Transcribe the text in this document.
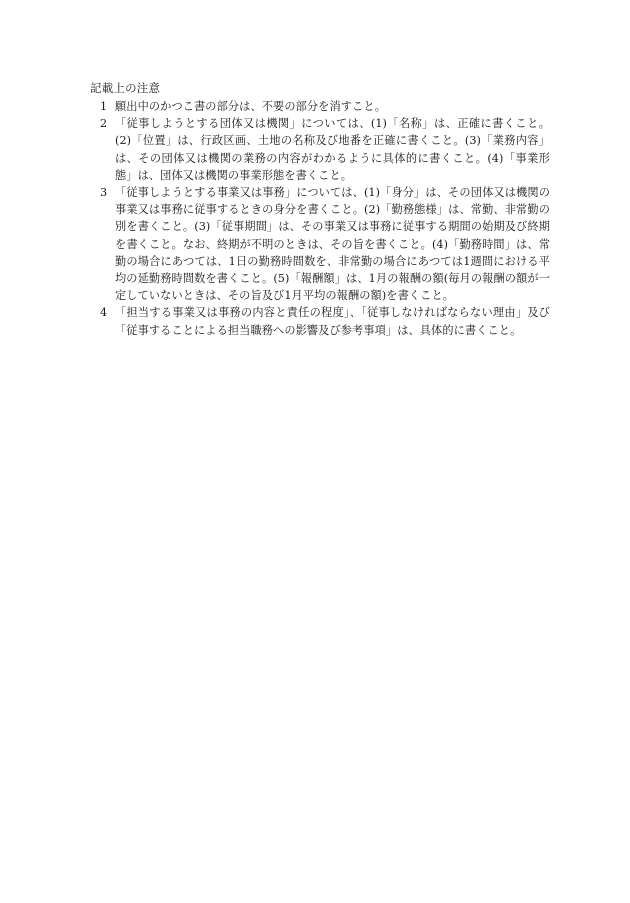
記載上の注意
1 願出中のかつこ書の部分は、不要の部分を消すこと。

2 「従事しようとする団体又は機関」については、(1)「名称」は、正確に書くこと。(2)「位置」は、行政区画、土地の名称及び地番を正確に書くこと。(3)「業務内容」は、その団体又は機関の業務の内容がわかるように具体的に書くこと。(4)「事業形態」は、団体又は機関の事業形態を書くこと。

3 「従事しようとする事業又は事務」については、(1)「身分」は、その団体又は機関の事業又は事務に従事するときの身分を書くこと。(2)「勤務態様」は、常勤、非常勤の別を書くこと。(3)「従事期間」は、その事業又は事務に従事する期間の始期及び終期を書くこと。なお、終期が不明のときは、その旨を書くこと。(4)「勤務時間」は、常勤の場合にあつては、1日の勤務時間数を、非常勤の場合にあつては1週間における平均の延勤務時間数を書くこと。(5)「報酬額」は、1月の報酬の額(毎月の報酬の額が一定していないときは、その旨及び1月平均の報酬の額)を書くこと。

4 「担当する事業又は事務の内容と責任の程度」、「従事しなければならない理由」及び「従事することによる担当職務への影響及び参考事項」は、具体的に書くこと。
